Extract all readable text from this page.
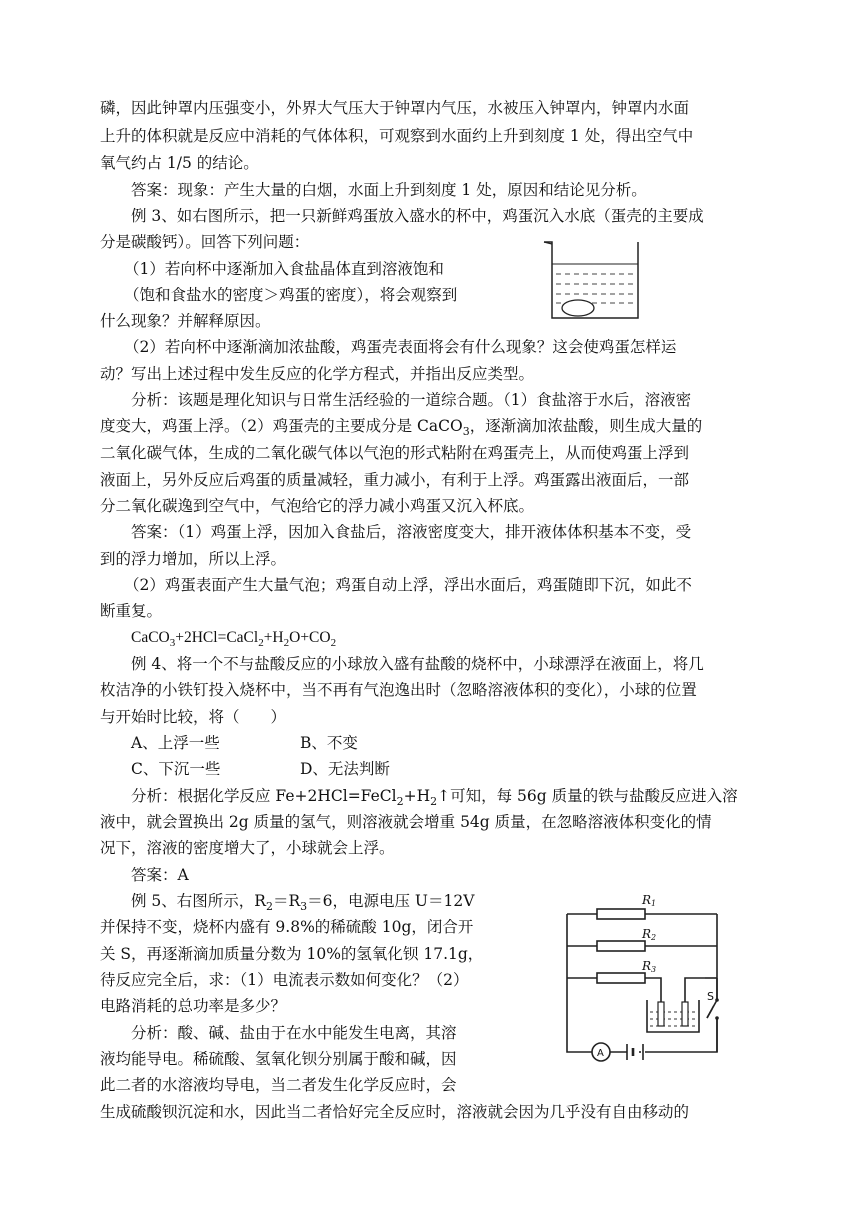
磷，因此钟罩内压强变小，外界大气压大于钟罩内气压，水被压入钟罩内，钟罩内水面
上升的体积就是反应中消耗的气体体积，可观察到水面约上升到刻度 1 处，得出空气中
氧气约占 1/5 的结论。
答案：现象：产生大量的白烟，水面上升到刻度 1 处，原因和结论见分析。
例 3、如右图所示，把一只新鲜鸡蛋放入盛水的杯中，鸡蛋沉入水底（蛋壳的主要成
分是碳酸钙）。回答下列问题：
（1）若向杯中逐渐加入食盐晶体直到溶液饱和
（饱和食盐水的密度＞鸡蛋的密度），将会观察到
什么现象？并解释原因。
（2）若向杯中逐渐滴加浓盐酸，鸡蛋壳表面将会有什么现象？这会使鸡蛋怎样运
动？写出上述过程中发生反应的化学方程式，并指出反应类型。
分析：该题是理化知识与日常生活经验的一道综合题。（1）食盐溶于水后，溶液密
度变大，鸡蛋上浮。（2）鸡蛋壳的主要成分是 CaCO$_3$，逐渐滴加浓盐酸，则生成大量的
二氧化碳气体，生成的二氧化碳气体以气泡的形式粘附在鸡蛋壳上，从而使鸡蛋上浮到
液面上，另外反应后鸡蛋的质量减轻，重力减小，有利于上浮。鸡蛋露出液面后，一部
分二氧化碳逸到空气中，气泡给它的浮力减小鸡蛋又沉入杯底。
答案：（1）鸡蛋上浮，因加入食盐后，溶液密度变大，排开液体体积基本不变，受
到的浮力增加，所以上浮。
（2）鸡蛋表面产生大量气泡；鸡蛋自动上浮，浮出水面后，鸡蛋随即下沉，如此不
断重复。
$CaCO_3+2HCl=CaCl_2+H_2O+CO_2$
例 4、将一个不与盐酸反应的小球放入盛有盐酸的烧杯中，小球漂浮在液面上，将几
枚洁净的小铁钉投入烧杯中，当不再有气泡逸出时（忽略溶液体积的变化），小球的位置
与开始时比较，将（　　）
A、上浮一些	B、不变
C、下沉一些	D、无法判断
分析：根据化学反应 $Fe+2HCl=FeCl_2+H_2↑$可知，每 56g 质量的铁与盐酸反应进入溶
液中，就会置换出 2g 质量的氢气，则溶液就会增重 54g 质量，在忽略溶液体积变化的情
况下，溶液的密度增大了，小球就会上浮。
答案：A
例 5、右图所示，$R_2=R_3=6$，电源电压 U＝12V
并保持不变，烧杯内盛有 9.8%的稀硫酸 10g，闭合开
关 S，再逐渐滴加质量分数为 10%的氢氧化钡 17.1g，
待反应完全后，求：（1）电流表示数如何变化？（2）
电路消耗的总功率是多少？
分析：酸、碱、盐由于在水中能发生电离，其溶
液均能导电。稀硫酸、氢氧化钡分别属于酸和碱，因
此二者的水溶液均导电，当二者发生化学反应时，会
生成硫酸钡沉淀和水，因此当二者恰好完全反应时，溶液就会因为几乎没有自由移动的
R1
R2
R3
S
A
